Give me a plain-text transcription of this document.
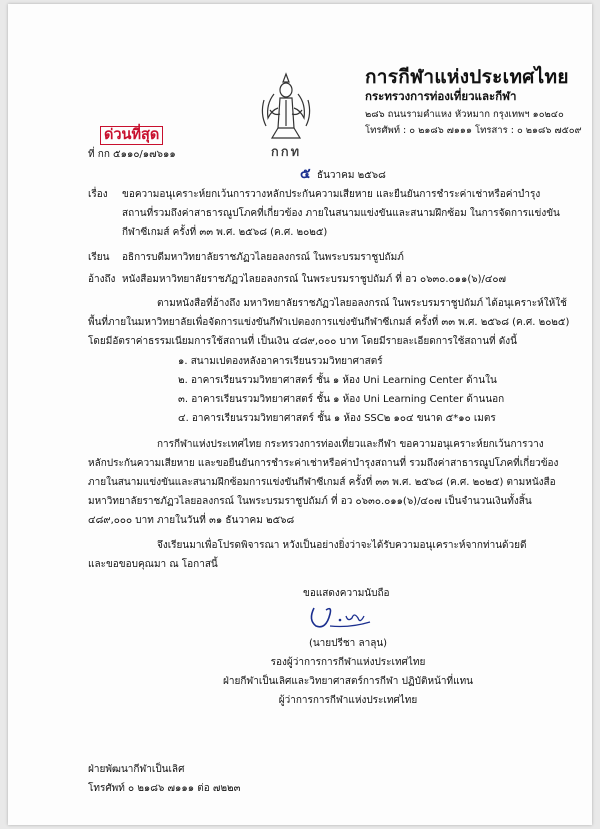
กกท
การกีฬาแห่งประเทศไทย
กระทรวงการท่องเที่ยวและกีฬา
๒๘๖ ถนนรามคำแหง หัวหมาก กรุงเทพฯ ๑๐๒๔๐
โทรศัพท์ : ๐ ๒๑๘๖ ๗๑๑๑ โทรสาร : ๐ ๒๑๘๖ ๗๕๐๙
ด่วนที่สุด
ที่ กก ๕๑๑๐/๑๗๖๑๑
๕ ธันวาคม ๒๕๖๘
เรื่อง ขอความอนุเคราะห์ยกเว้นการวางหลักประกันความเสียหาย และยืนยันการชำระค่าเช่าหรือค่าบำรุง
สถานที่รวมถึงค่าสาธารณูปโภคที่เกี่ยวข้อง ภายในสนามแข่งขันและสนามฝึกซ้อม ในการจัดการแข่งขัน
กีฬาซีเกมส์ ครั้งที่ ๓๓ พ.ศ. ๒๕๖๘ (ค.ศ. ๒๐๒๕)
เรียน อธิการบดีมหาวิทยาลัยราชภัฏวไลยอลงกรณ์ ในพระบรมราชูปถัมภ์
อ้างถึง หนังสือมหาวิทยาลัยราชภัฏวไลยอลงกรณ์ ในพระบรมราชูปถัมภ์ ที่ อว ๐๖๓๐.๐๑๑(๖)/๔๐๗
ตามหนังสือที่อ้างถึง มหาวิทยาลัยราชภัฏวไลยอลงกรณ์ ในพระบรมราชูปถัมภ์ ได้อนุเคราะห์ให้ใช้
พื้นที่ภายในมหาวิทยาลัยเพื่อจัดการแข่งขันกีฬาเปตองการแข่งขันกีฬาซีเกมส์ ครั้งที่ ๓๓ พ.ศ. ๒๕๖๘ (ค.ศ. ๒๐๒๕)
โดยมีอัตราค่าธรรมเนียมการใช้สถานที่ เป็นเงิน ๔๘๙,๐๐๐ บาท โดยมีรายละเอียดการใช้สถานที่ ดังนี้
๑. สนามเปตองหลังอาคารเรียนรวมวิทยาศาสตร์
๒. อาคารเรียนรวมวิทยาศาสตร์ ชั้น ๑ ห้อง Uni Learning Center ด้านใน
๓. อาคารเรียนรวมวิทยาศาสตร์ ชั้น ๑ ห้อง Uni Learning Center ด้านนอก
๔. อาคารเรียนรวมวิทยาศาสตร์ ชั้น ๑ ห้อง SSC๒ ๑๐๔ ขนาด ๕*๑๐ เมตร
การกีฬาแห่งประเทศไทย กระทรวงการท่องเที่ยวและกีฬา ขอความอนุเคราะห์ยกเว้นการวาง
หลักประกันความเสียหาย และขอยืนยันการชำระค่าเช่าหรือค่าบำรุงสถานที่ รวมถึงค่าสาธารณูปโภคที่เกี่ยวข้อง
ภายในสนามแข่งขันและสนามฝึกซ้อมการแข่งขันกีฬาซีเกมส์ ครั้งที่ ๓๓ พ.ศ. ๒๕๖๘ (ค.ศ. ๒๐๒๕) ตามหนังสือ
มหาวิทยาลัยราชภัฏวไลยอลงกรณ์ ในพระบรมราชูปถัมภ์ ที่ อว ๐๖๓๐.๐๑๑(๖)/๔๐๗ เป็นจำนวนเงินทั้งสิ้น
๔๘๙,๐๐๐ บาท ภายในวันที่ ๓๑ ธันวาคม ๒๕๖๘
จึงเรียนมาเพื่อโปรดพิจารณา หวังเป็นอย่างยิ่งว่าจะได้รับความอนุเคราะห์จากท่านด้วยดี
และขอขอบคุณมา ณ โอกาสนี้
ขอแสดงความนับถือ
(นายปรีชา ลาลุน)
รองผู้ว่าการการกีฬาแห่งประเทศไทย
ฝ่ายกีฬาเป็นเลิศและวิทยาศาสตร์การกีฬา ปฏิบัติหน้าที่แทน
ผู้ว่าการการกีฬาแห่งประเทศไทย
ฝ่ายพัฒนากีฬาเป็นเลิศ
โทรศัพท์ ๐ ๒๑๘๖ ๗๑๑๑ ต่อ ๗๒๒๓
